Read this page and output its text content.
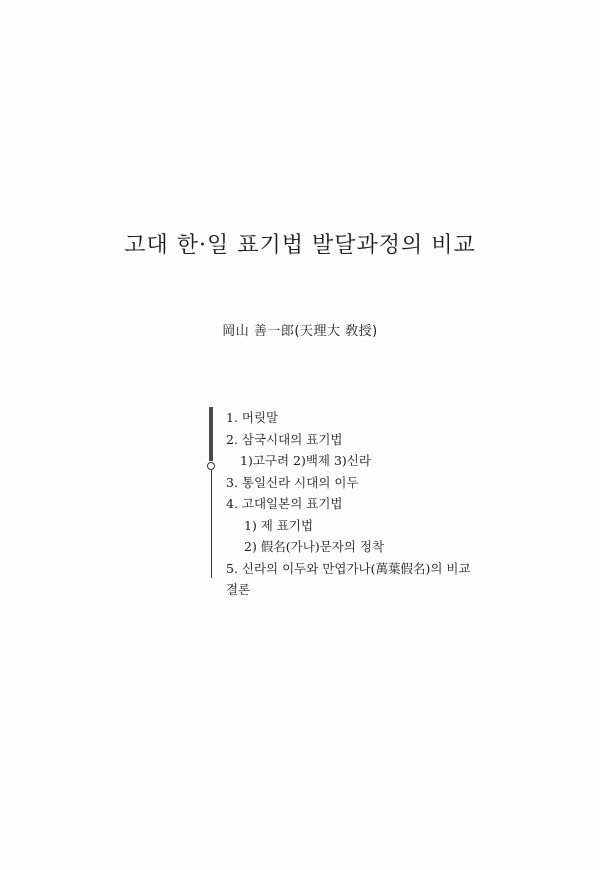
고대 한·일 표기법 발달과정의 비교
岡山 善一郎(天理大 敎授)
1. 머릿말
2. 삼국시대의 표기법
1)고구려 2)백제 3)신라
3. 통일신라 시대의 이두
4. 고대일본의 표기법
1) 제 표기법
2) 假名(가나)문자의 정착
5. 신라의 이두와 만엽가나(萬葉假名)의 비교
결론
